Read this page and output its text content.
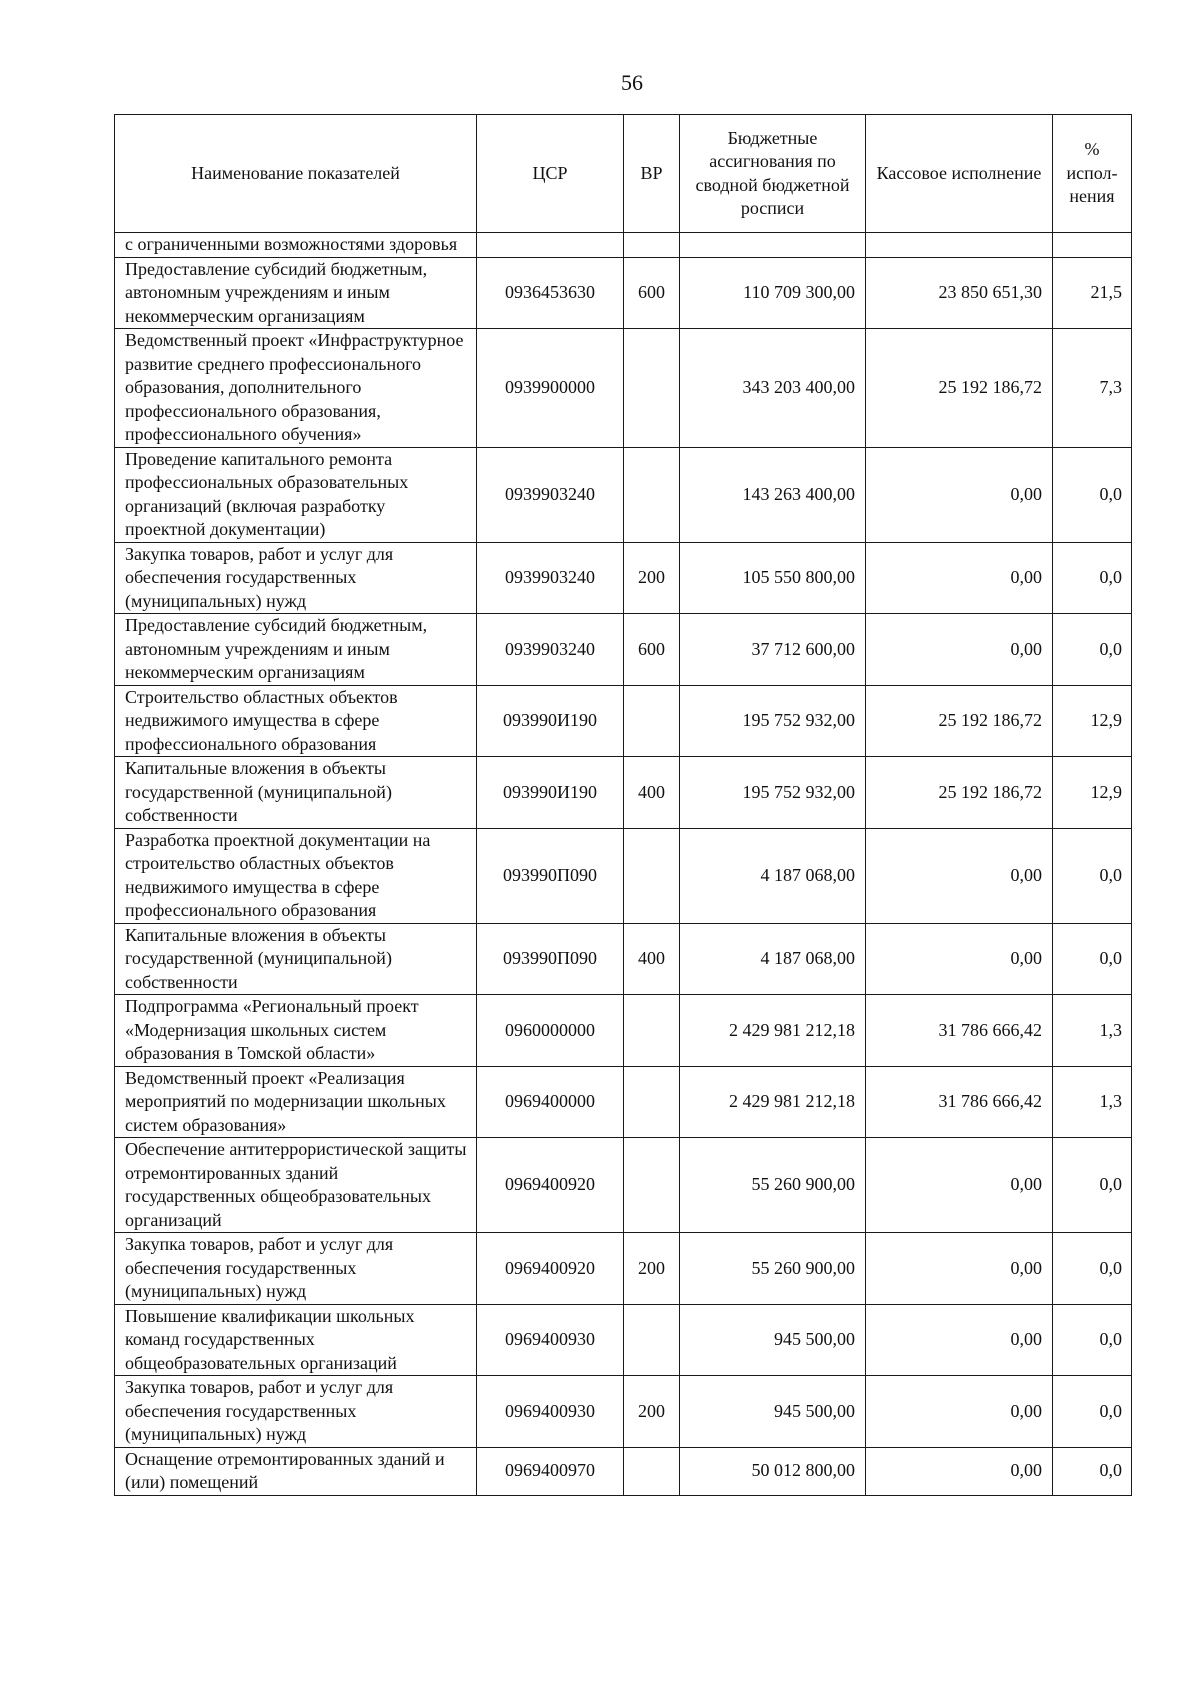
56
Наименование показателей	ЦСР	ВР	Бюджетные ассигнования по сводной бюджетной росписи	Кассовое исполнение	% испол-нения
с ограниченными возможностями здоровья					
Предоставление субсидий бюджетным, автономным учреждениям и иным некоммерческим организациям	0936453630	600	110 709 300,00	23 850 651,30	21,5
Ведомственный проект «Инфраструктурное развитие среднего профессионального образования, дополнительного профессионального образования, профессионального обучения»	0939900000		343 203 400,00	25 192 186,72	7,3
Проведение капитального ремонта профессиональных образовательных организаций (включая разработку проектной документации)	0939903240		143 263 400,00	0,00	0,0
Закупка товаров, работ и услуг для обеспечения государственных (муниципальных) нужд	0939903240	200	105 550 800,00	0,00	0,0
Предоставление субсидий бюджетным, автономным учреждениям и иным некоммерческим организациям	0939903240	600	37 712 600,00	0,00	0,0
Строительство областных объектов недвижимого имущества в сфере профессионального образования	093990И190		195 752 932,00	25 192 186,72	12,9
Капитальные вложения в объекты государственной (муниципальной) собственности	093990И190	400	195 752 932,00	25 192 186,72	12,9
Разработка проектной документации на строительство областных объектов недвижимого имущества в сфере профессионального образования	093990П090		4 187 068,00	0,00	0,0
Капитальные вложения в объекты государственной (муниципальной) собственности	093990П090	400	4 187 068,00	0,00	0,0
Подпрограмма «Региональный проект «Модернизация школьных систем образования в Томской области»	0960000000		2 429 981 212,18	31 786 666,42	1,3
Ведомственный проект «Реализация мероприятий по модернизации школьных систем образования»	0969400000		2 429 981 212,18	31 786 666,42	1,3
Обеспечение антитеррористической защиты отремонтированных зданий государственных общеобразовательных организаций	0969400920		55 260 900,00	0,00	0,0
Закупка товаров, работ и услуг для обеспечения государственных (муниципальных) нужд	0969400920	200	55 260 900,00	0,00	0,0
Повышение квалификации школьных команд государственных общеобразовательных организаций	0969400930		945 500,00	0,00	0,0
Закупка товаров, работ и услуг для обеспечения государственных (муниципальных) нужд	0969400930	200	945 500,00	0,00	0,0
Оснащение отремонтированных зданий и (или) помещений	0969400970		50 012 800,00	0,00	0,0
